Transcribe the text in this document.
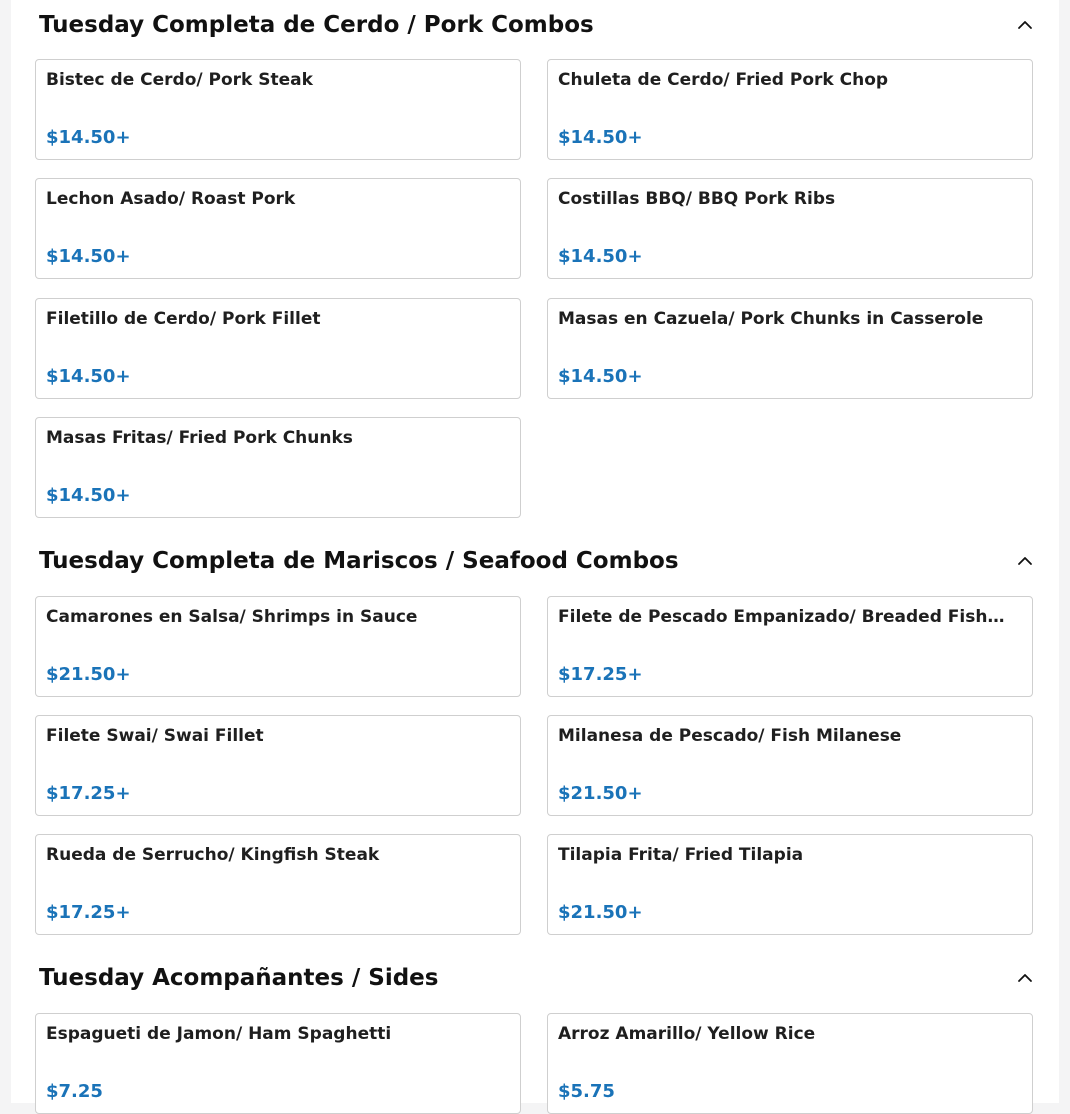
Tuesday Completa de Cerdo / Pork Combos
Bistec de Cerdo/ Pork Steak
$14.50+
Chuleta de Cerdo/ Fried Pork Chop
$14.50+
Lechon Asado/ Roast Pork
$14.50+
Costillas BBQ/ BBQ Pork Ribs
$14.50+
Filetillo de Cerdo/ Pork Fillet
$14.50+
Masas en Cazuela/ Pork Chunks in Casserole
$14.50+
Masas Fritas/ Fried Pork Chunks
$14.50+
Tuesday Completa de Mariscos / Seafood Combos
Camarones en Salsa/ Shrimps in Sauce
$21.50+
Filete de Pescado Empanizado/ Breaded Fish…
$17.25+
Filete Swai/ Swai Fillet
$17.25+
Milanesa de Pescado/ Fish Milanese
$21.50+
Rueda de Serrucho/ Kingfish Steak
$17.25+
Tilapia Frita/ Fried Tilapia
$21.50+
Tuesday Acompañantes / Sides
Espagueti de Jamon/ Ham Spaghetti
$7.25
Arroz Amarillo/ Yellow Rice
$5.75
